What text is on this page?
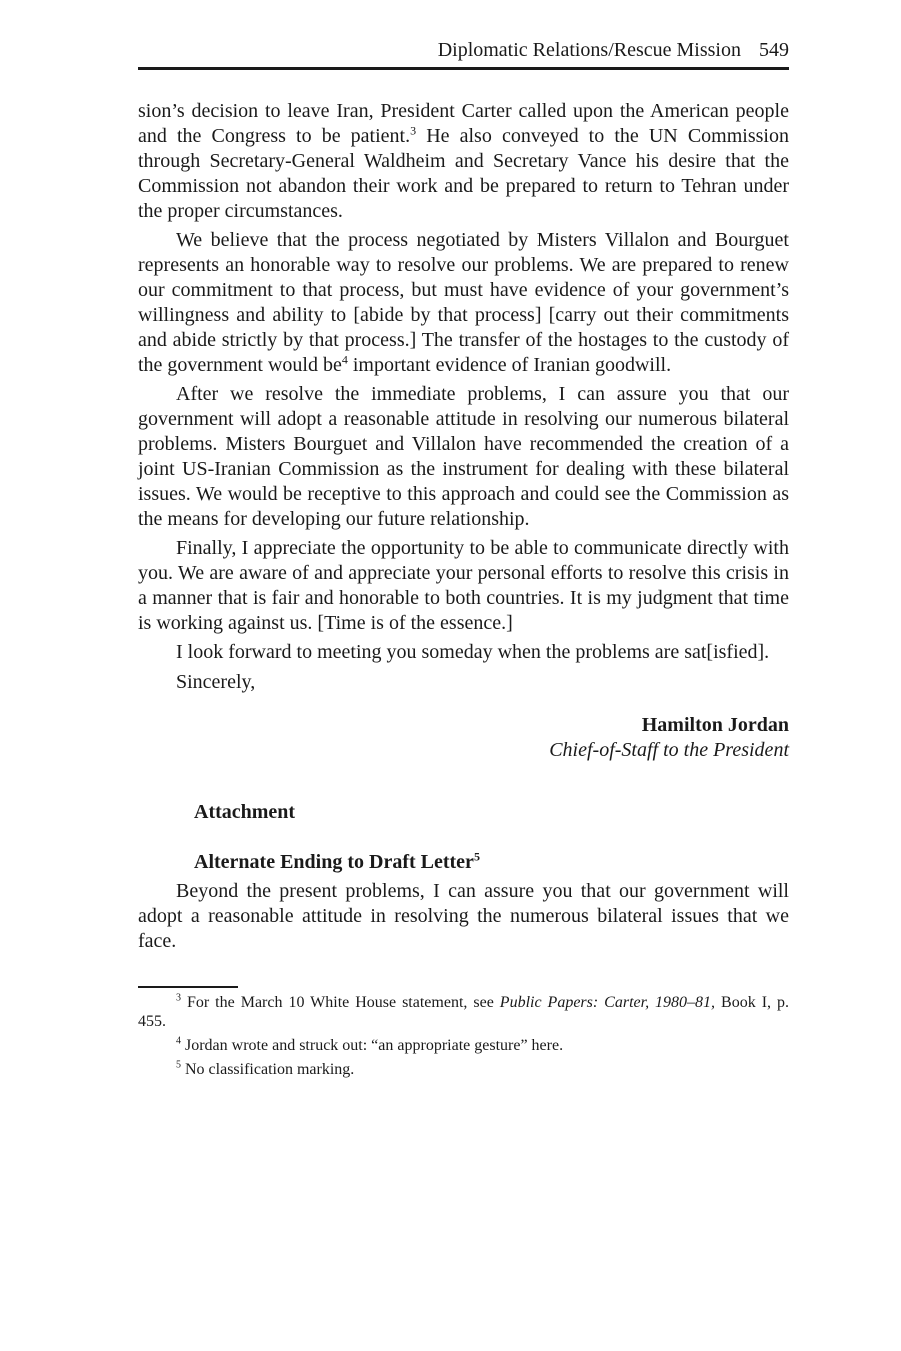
Diplomatic Relations/Rescue Mission 549

sion’s decision to leave Iran, President Carter called upon the American people and the Congress to be patient.$^3$ He also conveyed to the UN Commission through Secretary-General Waldheim and Secretary Vance his desire that the Commission not abandon their work and be prepared to return to Tehran under the proper circumstances.

We believe that the process negotiated by Misters Villalon and Bourguet represents an honorable way to resolve our problems. We are prepared to renew our commitment to that process, but must have evidence of your government’s willingness and ability to [abide by that process] [carry out their commitments and abide strictly by that process.] The transfer of the hostages to the custody of the government would $be^4$ important evidence of Iranian goodwill.

After we resolve the immediate problems, I can assure you that our government will adopt a reasonable attitude in resolving our numerous bilateral problems. Misters Bourguet and Villalon have recommended the creation of a joint US-Iranian Commission as the instrument for dealing with these bilateral issues. We would be receptive to this approach and could see the Commission as the means for developing our future relationship.

Finally, I appreciate the opportunity to be able to communicate directly with you. We are aware of and appreciate your personal efforts to resolve this crisis in a manner that is fair and honorable to both countries. It is my judgment that time is working against us. [Time is of the essence.]

I look forward to meeting you someday when the problems are sat[isfied].

Sincerely,

Hamilton Jordan
Chief-of-Staff to the President
Attachment
Alternate Ending to Draft Letter$^5$

Beyond the present problems, I can assure you that our government will adopt a reasonable attitude in resolving the numerous bilateral issues that we face.

$^3$ For the March 10 White House statement, see Public Papers: Carter, 1980–81, Book I, p. 455.

$^4$ Jordan wrote and struck out: “an appropriate gesture” here.

$^5$ No classification marking.
